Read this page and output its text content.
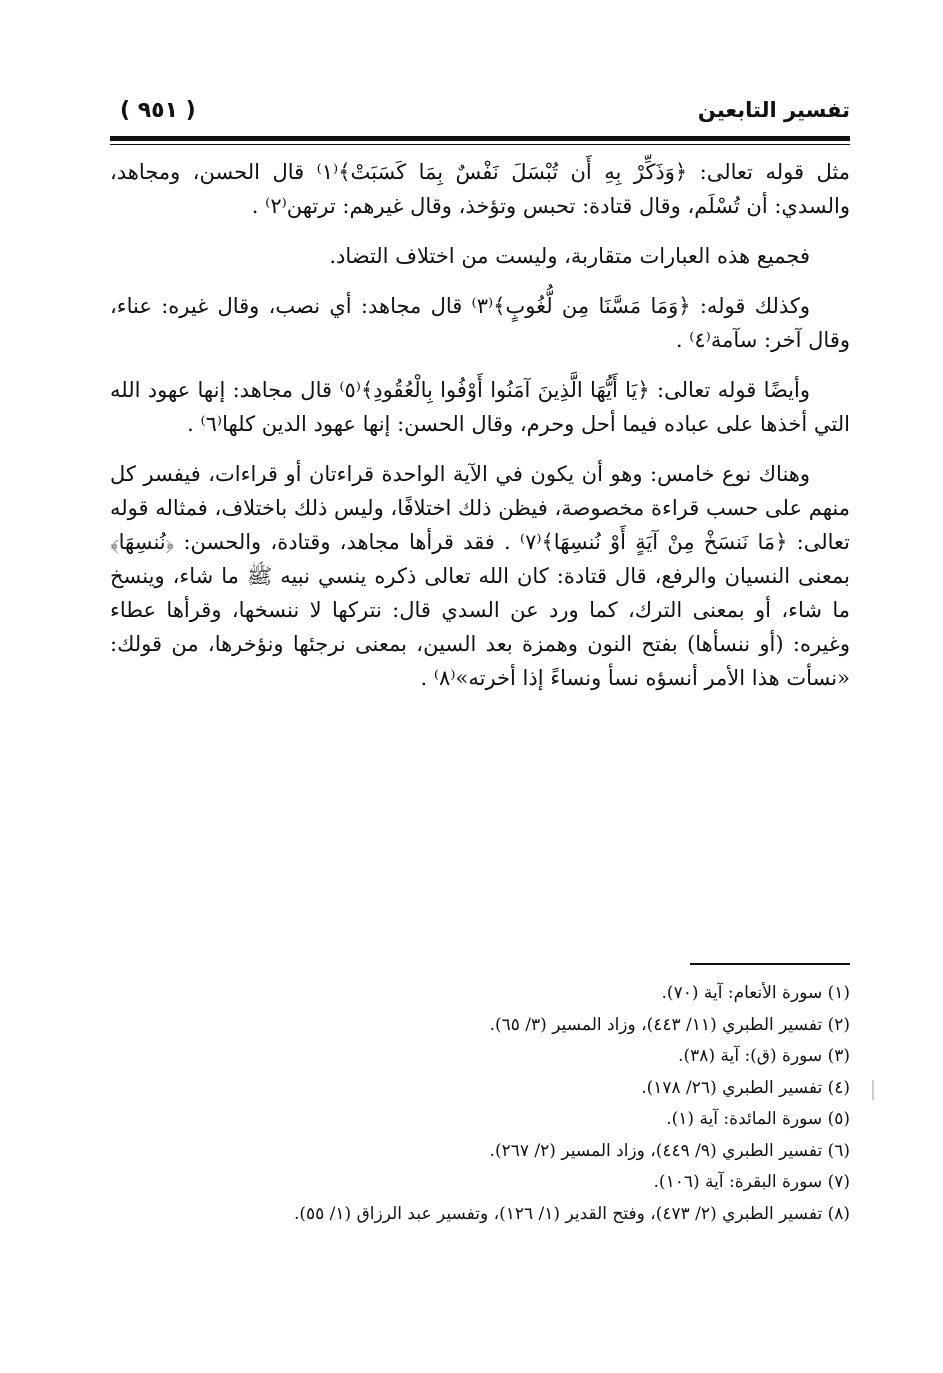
( ٩٥١ )	تفسير التابعين

مثل قوله تعالى: ﴿وَذَكِّرْ بِهِ أَن تُبْسَلَ نَفْسٌ بِمَا كَسَبَتْ﴾⁽١⁾ قال الحسن، ومجاهد، والسدي: أن تُسْلَم، وقال قتادة: تحبس وتؤخذ، وقال غيرهم: ترتهن⁽٢⁾ .

فجميع هذه العبارات متقاربة، وليست من اختلاف التضاد.

وكذلك قوله: ﴿وَمَا مَسَّنَا مِن لُّغُوبٍ﴾⁽٣⁾ قال مجاهد: أي نصب، وقال غيره: عناء، وقال آخر: سآمة⁽٤⁾ .

وأيضًا قوله تعالى: ﴿يَا أَيُّهَا الَّذِينَ آمَنُوا أَوْفُوا بِالْعُقُودِ﴾⁽٥⁾ قال مجاهد: إنها عهود الله التي أخذها على عباده فيما أحل وحرم، وقال الحسن: إنها عهود الدين كلها⁽٦⁾ .

وهناك نوع خامس: وهو أن يكون في الآية الواحدة قراءتان أو قراءات، فيفسر كل منهم على حسب قراءة مخصوصة، فيظن ذلك اختلافًا، وليس ذلك باختلاف، فمثاله قوله تعالى: ﴿مَا نَنسَخْ مِنْ آيَةٍ أَوْ نُنسِهَا﴾⁽٧⁾ . فقد قرأها مجاهد، وقتادة، والحسن: ﴿نُنسِهَا﴾ بمعنى النسيان والرفع، قال قتادة: كان الله تعالى ذكره ينسي نبيه ﷺ ما شاء، وينسخ ما شاء، أو بمعنى الترك، كما ورد عن السدي قال: نتركها لا ننسخها، وقرأها عطاء وغيره: (أو ننسأها) بفتح النون وهمزة بعد السين، بمعنى نرجئها ونؤخرها، من قولك: «نسأت هذا الأمر أنسؤه نسأ ونساءً إذا أخرته»⁽٨⁾ .

(١) سورة الأنعام: آية (٧٠).

(٢) تفسير الطبري (١١/ ٤٤٣)، وزاد المسير (٣/ ٦٥).

(٣) سورة (ق): آية (٣٨).

(٤) تفسير الطبري (٢٦/ ١٧٨).

(٥) سورة المائدة: آية (١).

(٦) تفسير الطبري (٩/ ٤٤٩)، وزاد المسير (٢/ ٢٦٧).

(٧) سورة البقرة: آية (١٠٦).

(٨) تفسير الطبري (٢/ ٤٧٣)، وفتح القدير (١/ ١٢٦)، وتفسير عبد الرزاق (١/ ٥٥).
